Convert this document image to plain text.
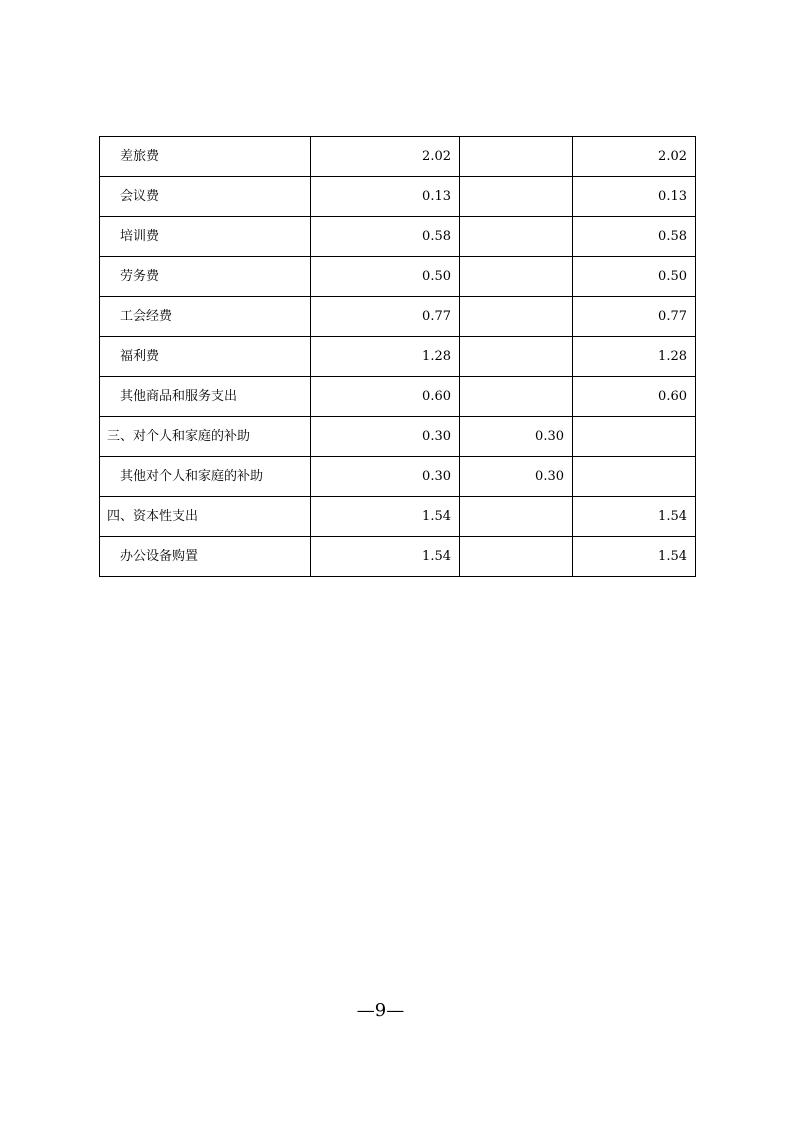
差旅费	2.02		2.02
会议费	0.13		0.13
培训费	0.58		0.58
劳务费	0.50		0.50
工会经费	0.77		0.77
福利费	1.28		1.28
其他商品和服务支出	0.60		0.60
三、对个人和家庭的补助	0.30	0.30	
其他对个人和家庭的补助	0.30	0.30	
四、资本性支出	1.54		1.54
办公设备购置	1.54		1.54
—9—
